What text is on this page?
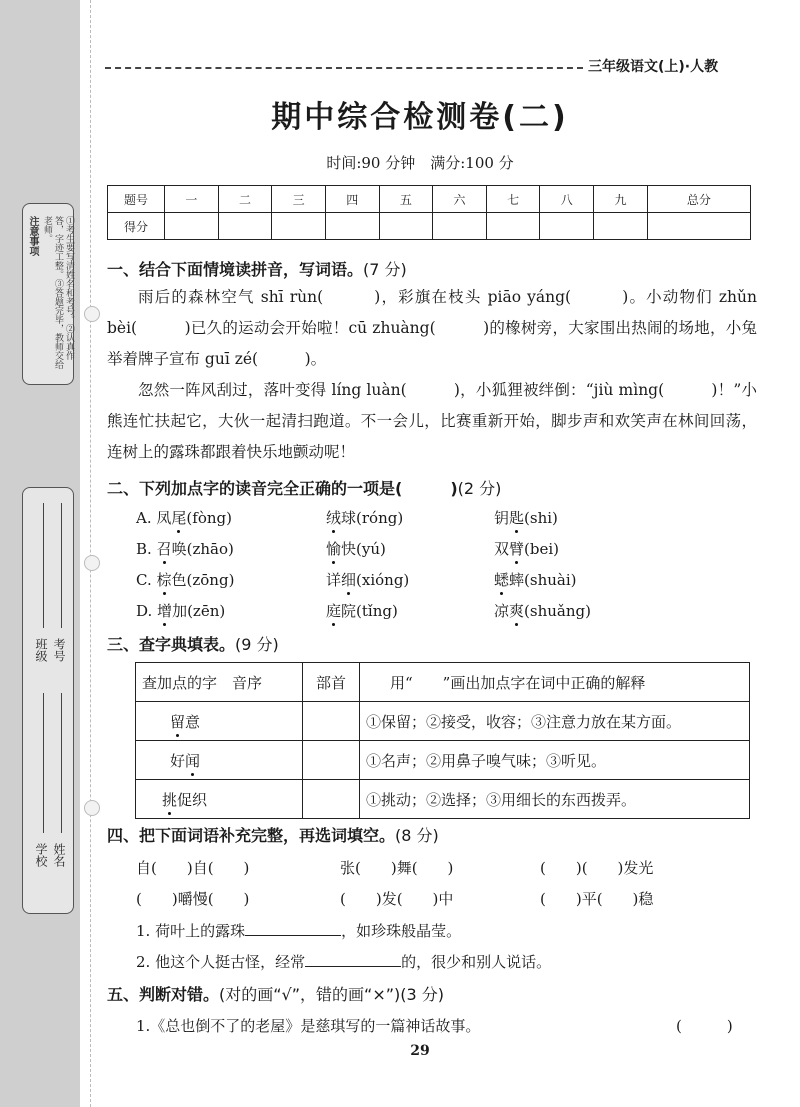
注意事项	①考生要写清姓名和考号。②认真作答，字迹工整。③答题完毕，教师交给老师。
班级 考号
学校 姓名
三年级语文(上)·人教
期中综合检测卷(二)
时间:90 分钟　满分:100 分
题号	一	二	三	四	五	六	七	八	九	总分
得分										
一、结合下面情境读拼音，写词语。(7 分)
雨后的森林空气 shī rùn(　　　)，彩旗在枝头 piāo yáng(　　　)。小动物们 zhǔn bèi(　　　)已久的运动会开始啦！cū zhuàng(　　　)的橡树旁，大家围出热闹的场地，小兔举着牌子宣布 guī zé(　　　)。
忽然一阵风刮过，落叶变得 líng luàn(　　　)，小狐狸被绊倒：“jiù mìng(　　　)！”小熊连忙扶起它，大伙一起清扫跑道。不一会儿，比赛重新开始，脚步声和欢笑声在林间回荡，连树上的露珠都跟着快乐地颤动呢！
二、下列加点字的读音完全正确的一项是(　　　)(2 分)
A. 凤尾(fòng)	绒球(róng)	钥匙(shi)
B. 召唤(zhāo)	愉快(yú)	双臂(bei)
C. 棕色(zōng)	详细(xióng)	蟋蟀(shuài)
D. 增加(zēn)	庭院(tǐng)	凉爽(shuǎng)
三、查字典填表。(9 分)
查加点的字　音序	部首	用“　　”画出加点字在词中正确的解释
留意		①保留；②接受，收容；③注意力放在某方面。
好闻		①名声；②用鼻子嗅气味；③听见。
挑促织		①挑动；②选择；③用细长的东西拨弄。
四、把下面词语补充完整，再选词填空。(8 分)
自(　　)自(　　)	张(　　)舞(　　)	(　　)(　　)发光
(　　)嚼慢(　　)	(　　)发(　　)中	(　　)平(　　)稳
1. 荷叶上的露珠	，如珍珠般晶莹。
2. 他这个人挺古怪，经常	的，很少和别人说话。
五、判断对错。(对的画“√”，错的画“×”)(3 分)
1.《总也倒不了的老屋》是慈琪写的一篇神话故事。	(　　　)
29
